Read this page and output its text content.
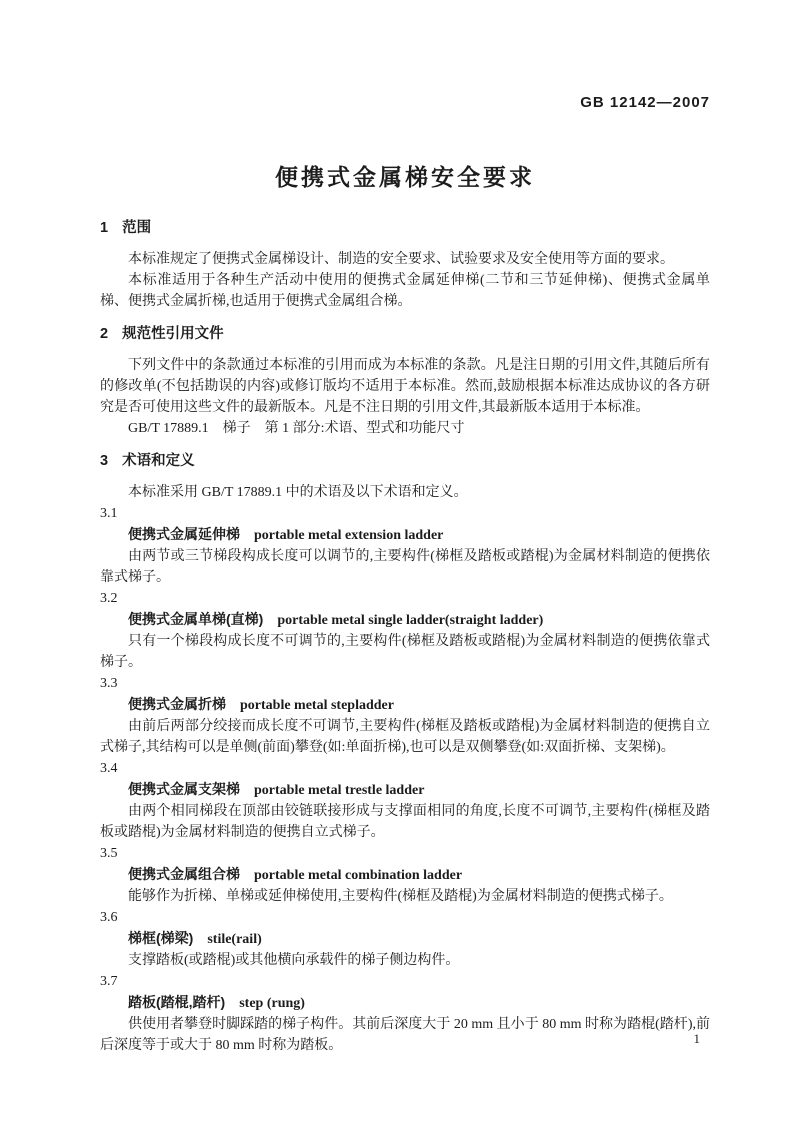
GB 12142—2007
便携式金属梯安全要求
1 范围

本标准规定了便携式金属梯设计、制造的安全要求、试验要求及安全使用等方面的要求。

本标准适用于各种生产活动中使用的便携式金属延伸梯(二节和三节延伸梯)、便携式金属单梯、便携式金属折梯,也适用于便携式金属组合梯。

2 规范性引用文件

下列文件中的条款通过本标准的引用而成为本标准的条款。凡是注日期的引用文件,其随后所有的修改单(不包括勘误的内容)或修订版均不适用于本标准。然而,鼓励根据本标准达成协议的各方研究是否可使用这些文件的最新版本。凡是不注日期的引用文件,其最新版本适用于本标准。

GB/T 17889.1　梯子　第 1 部分:术语、型式和功能尺寸

3 术语和定义

本标准采用 GB/T 17889.1 中的术语及以下术语和定义。

3.1
便携式金属延伸梯 portable metal extension ladder

由两节或三节梯段构成长度可以调节的,主要构件(梯框及踏板或踏棍)为金属材料制造的便携依靠式梯子。

3.2
便携式金属单梯(直梯) portable metal single ladder(straight ladder)

只有一个梯段构成长度不可调节的,主要构件(梯框及踏板或踏棍)为金属材料制造的便携依靠式梯子。

3.3
便携式金属折梯 portable metal stepladder

由前后两部分绞接而成长度不可调节,主要构件(梯框及踏板或踏棍)为金属材料制造的便携自立式梯子,其结构可以是单侧(前面)攀登(如:单面折梯),也可以是双侧攀登(如:双面折梯、支架梯)。

3.4
便携式金属支架梯 portable metal trestle ladder

由两个相同梯段在顶部由铰链联接形成与支撑面相同的角度,长度不可调节,主要构件(梯框及踏板或踏棍)为金属材料制造的便携自立式梯子。

3.5
便携式金属组合梯 portable metal combination ladder

能够作为折梯、单梯或延伸梯使用,主要构件(梯框及踏棍)为金属材料制造的便携式梯子。

3.6
梯框(梯梁) stile(rail)

支撑踏板(或踏棍)或其他横向承载件的梯子侧边构件。

3.7
踏板(踏棍,踏杆) step (rung)

供使用者攀登时脚踩踏的梯子构件。其前后深度大于 20 mm 且小于 80 mm 时称为踏棍(踏杆),前后深度等于或大于 80 mm 时称为踏板。	1
